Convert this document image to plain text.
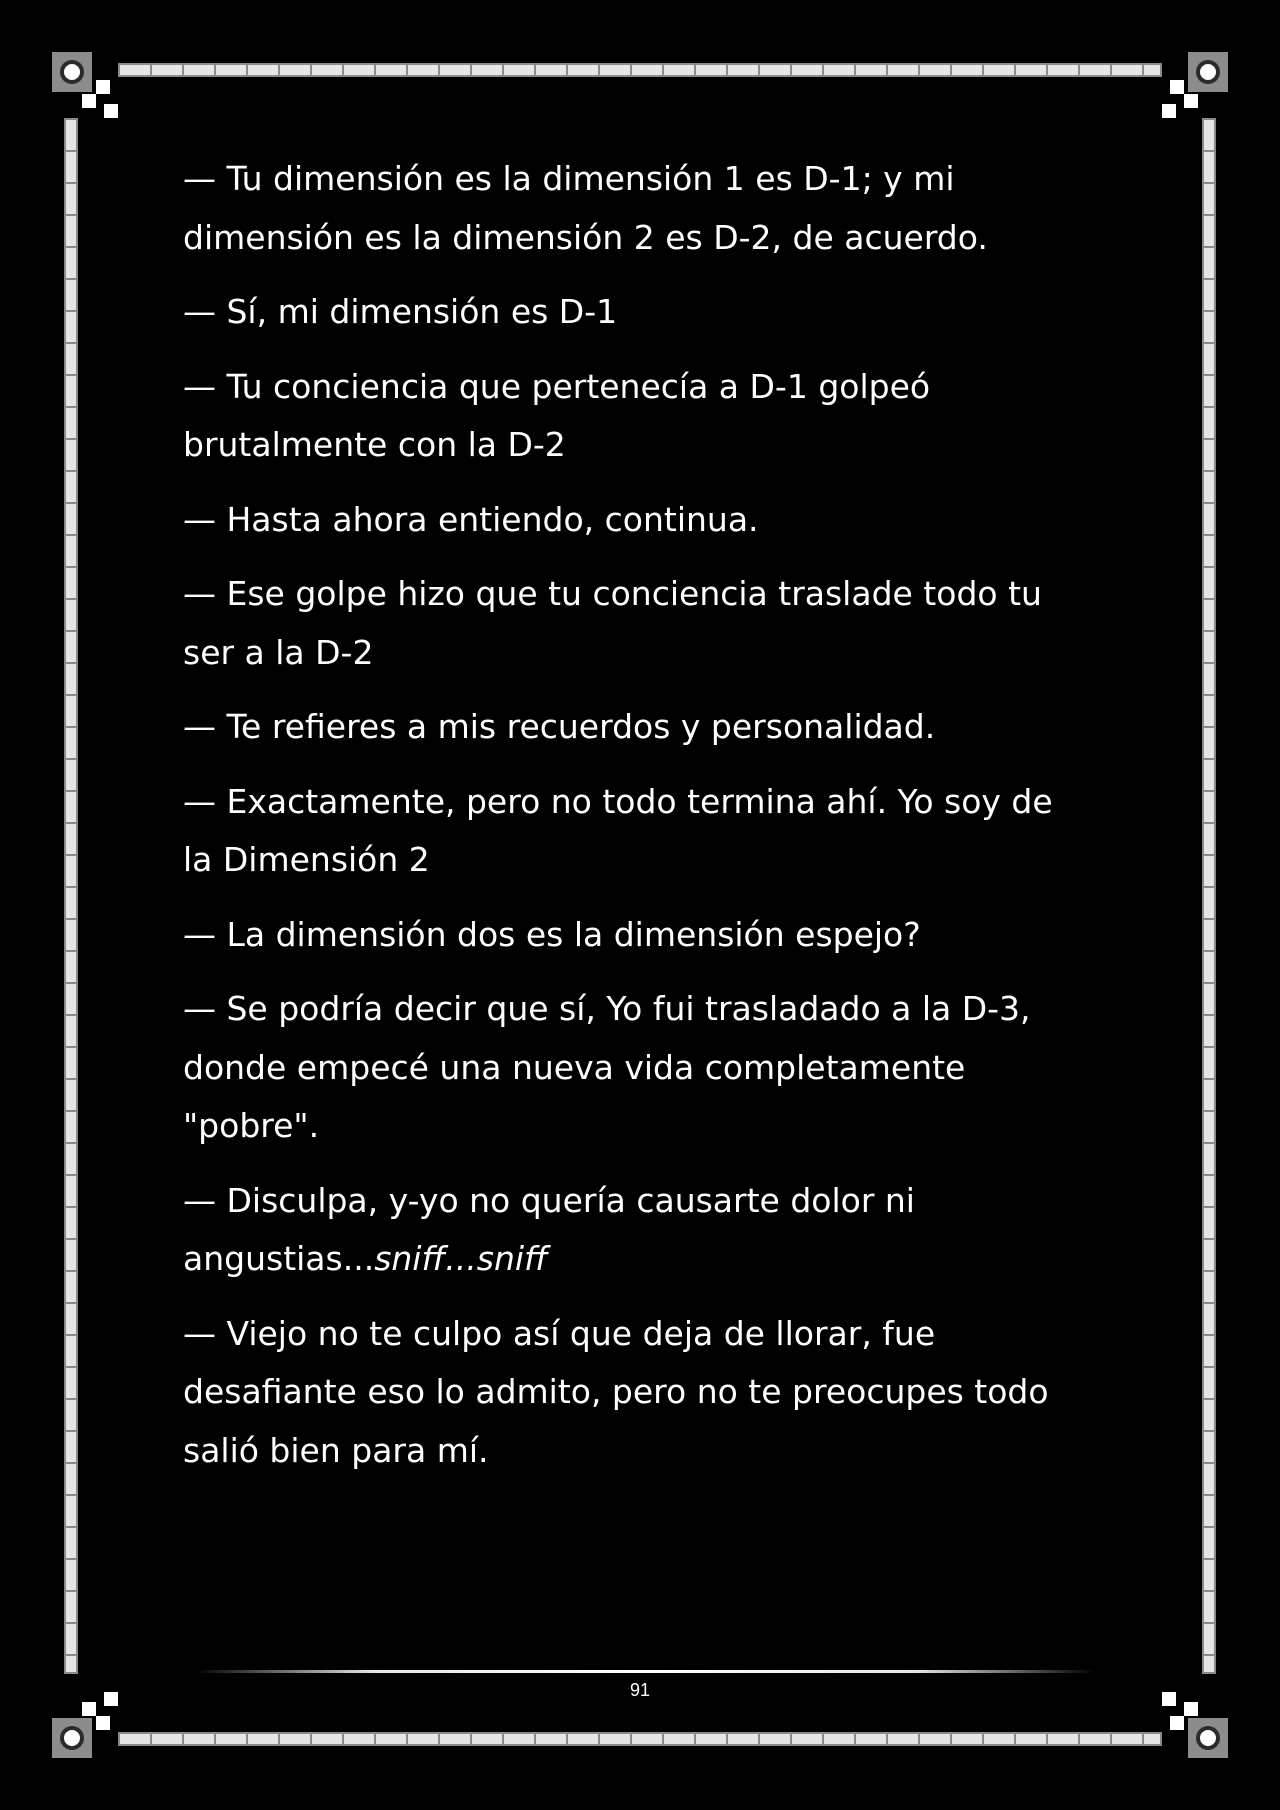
— Tu dimensión es la dimensión 1 es D-1; y mi dimensión es la dimensión 2 es D-2, de acuerdo.

— Sí, mi dimensión es D-1

— Tu conciencia que pertenecía a D-1 golpeó brutalmente con la D-2

— Hasta ahora entiendo, continua.

— Ese golpe hizo que tu conciencia traslade todo tu ser a la D-2

— Te refieres a mis recuerdos y personalidad.

— Exactamente, pero no todo termina ahí. Yo soy de la Dimensión 2

— La dimensión dos es la dimensión espejo?

— Se podría decir que sí, Yo fui trasladado a la D-3, donde empecé una nueva vida completamente "pobre".

— Disculpa, y-yo no quería causarte dolor ni angustias...sniff...sniff

— Viejo no te culpo así que deja de llorar, fue desafiante eso lo admito, pero no te preocupes todo salió bien para mí.

91
